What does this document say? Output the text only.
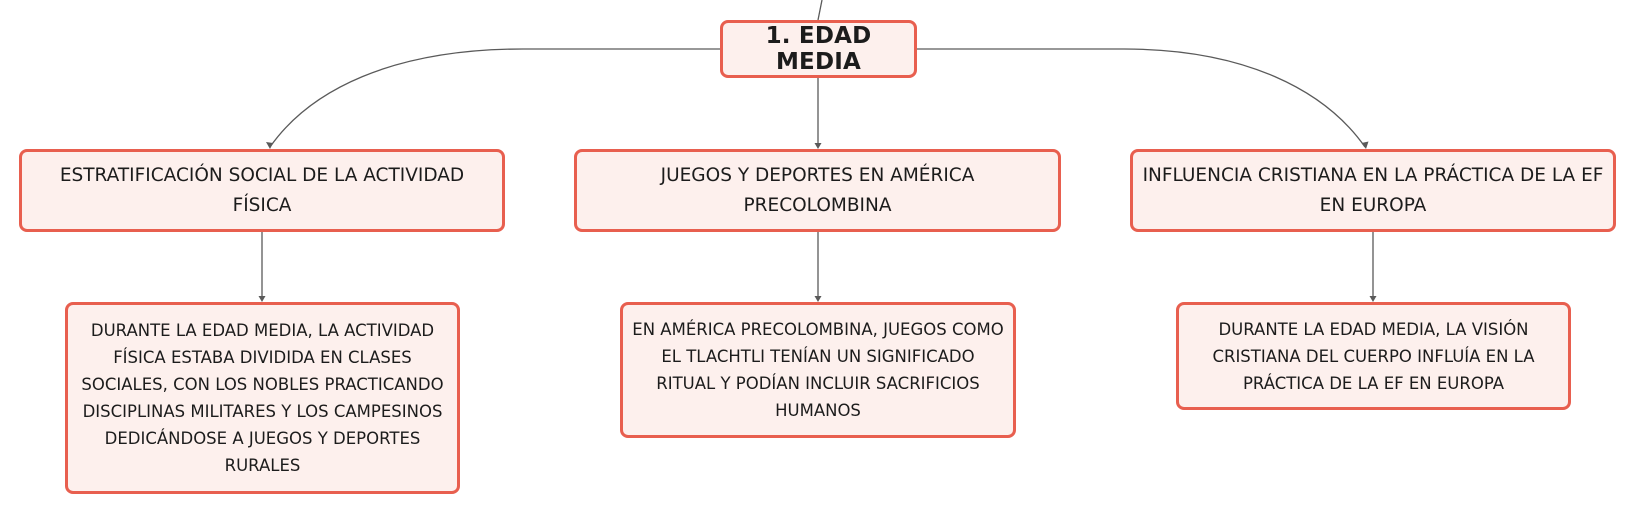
1. EDAD MEDIA
ESTRATIFICACIÓN SOCIAL DE LA ACTIVIDAD FÍSICA
JUEGOS Y DEPORTES EN AMÉRICA PRECOLOMBINA
INFLUENCIA CRISTIANA EN LA PRÁCTICA DE LA EF EN EUROPA
DURANTE LA EDAD MEDIA, LA ACTIVIDAD FÍSICA ESTABA DIVIDIDA EN CLASES SOCIALES, CON LOS NOBLES PRACTICANDO DISCIPLINAS MILITARES Y LOS CAMPESINOS DEDICÁNDOSE A JUEGOS Y DEPORTES RURALES
EN AMÉRICA PRECOLOMBINA, JUEGOS COMO EL TLACHTLI TENÍAN UN SIGNIFICADO RITUAL Y PODÍAN INCLUIR SACRIFICIOS HUMANOS
DURANTE LA EDAD MEDIA, LA VISIÓN CRISTIANA DEL CUERPO INFLUÍA EN LA PRÁCTICA DE LA EF EN EUROPA
